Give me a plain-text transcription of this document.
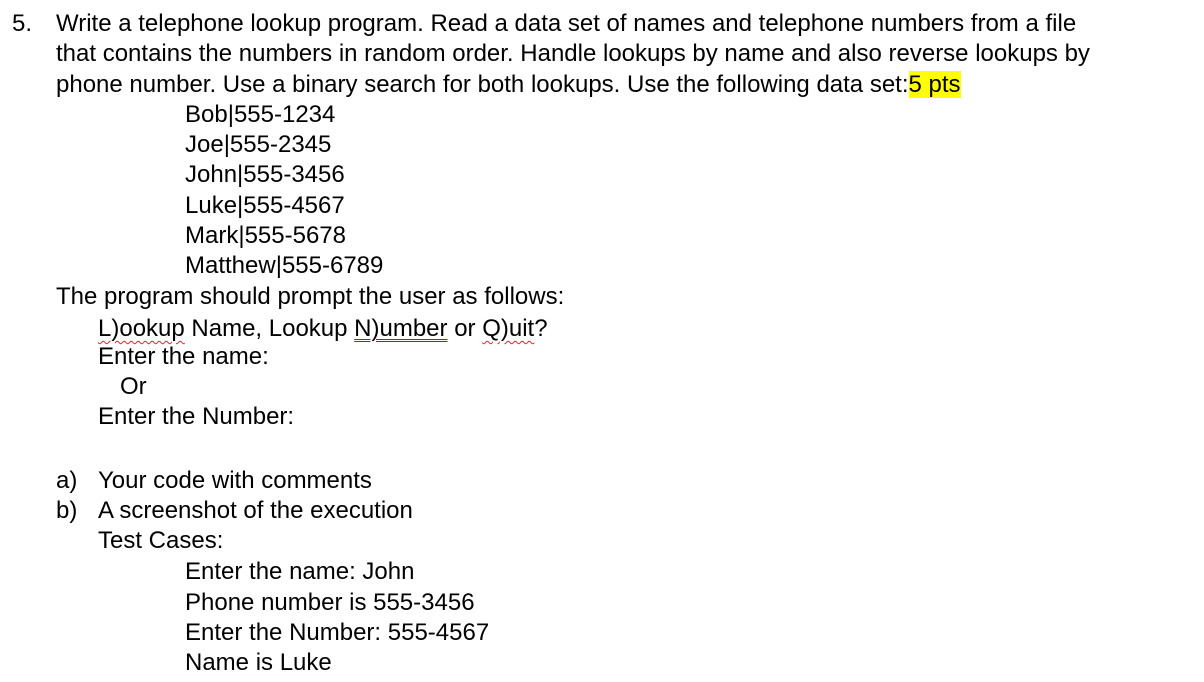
5. Write a telephone lookup program. Read a data set of names and telephone numbers from a file
that contains the numbers in random order. Handle lookups by name and also reverse lookups by
phone number. Use a binary search for both lookups. Use the following data set:5 pts
Bob|555-1234
Joe|555-2345
John|555-3456
Luke|555-4567
Mark|555-5678
Matthew|555-6789
The program should prompt the user as follows:
L)ookup Name, Lookup N)umber or Q)uit?
Enter the name:
Or
Enter the Number:
a) Your code with comments
b) A screenshot of the execution
Test Cases:
Enter the name: John
Phone number is 555-3456
Enter the Number: 555-4567
Name is Luke
